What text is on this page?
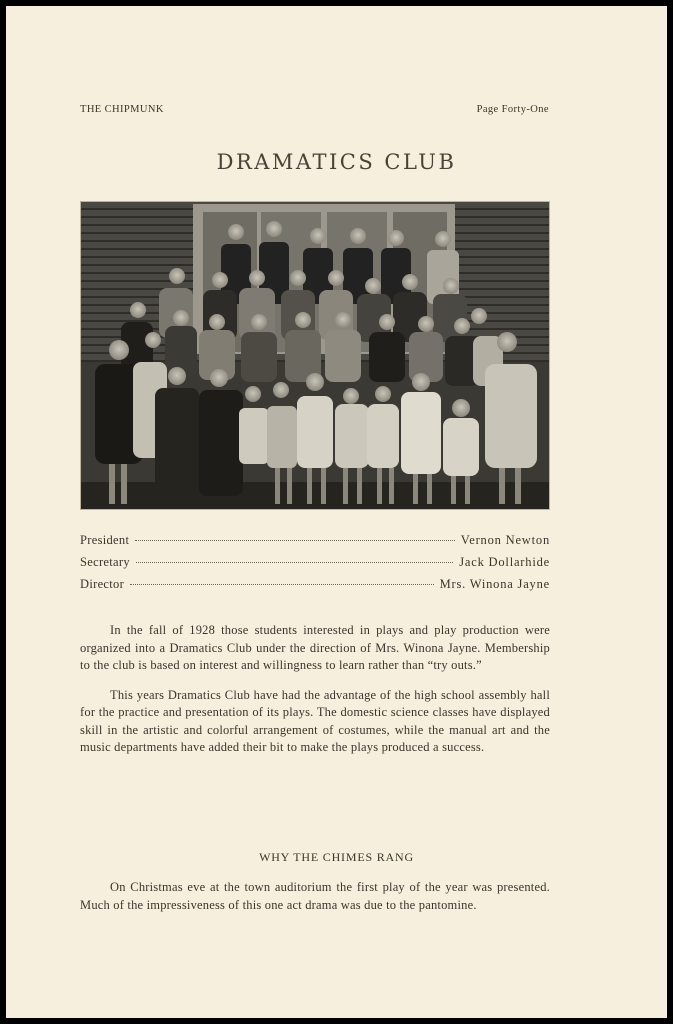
THE CHIPMUNK	Page Forty-One
DRAMATICS CLUB
President	Vernon Newton
Secretary	Jack Dollarhide
Director	Mrs. Winona Jayne

In the fall of 1928 those students interested in plays and play production were organized into a Dramatics Club under the direction of Mrs. Winona Jayne. Membership to the club is based on interest and willingness to learn rather than “try outs.”

This years Dramatics Club have had the advantage of the high school assembly hall for the practice and presentation of its plays. The domestic science classes have displayed skill in the artistic and colorful arrangement of costumes, while the manual art and the music departments have added their bit to make the plays produced a success.

WHY THE CHIMES RANG

On Christmas eve at the town auditorium the first play of the year was presented. Much of the impressiveness of this one act drama was due to the pantomine.
